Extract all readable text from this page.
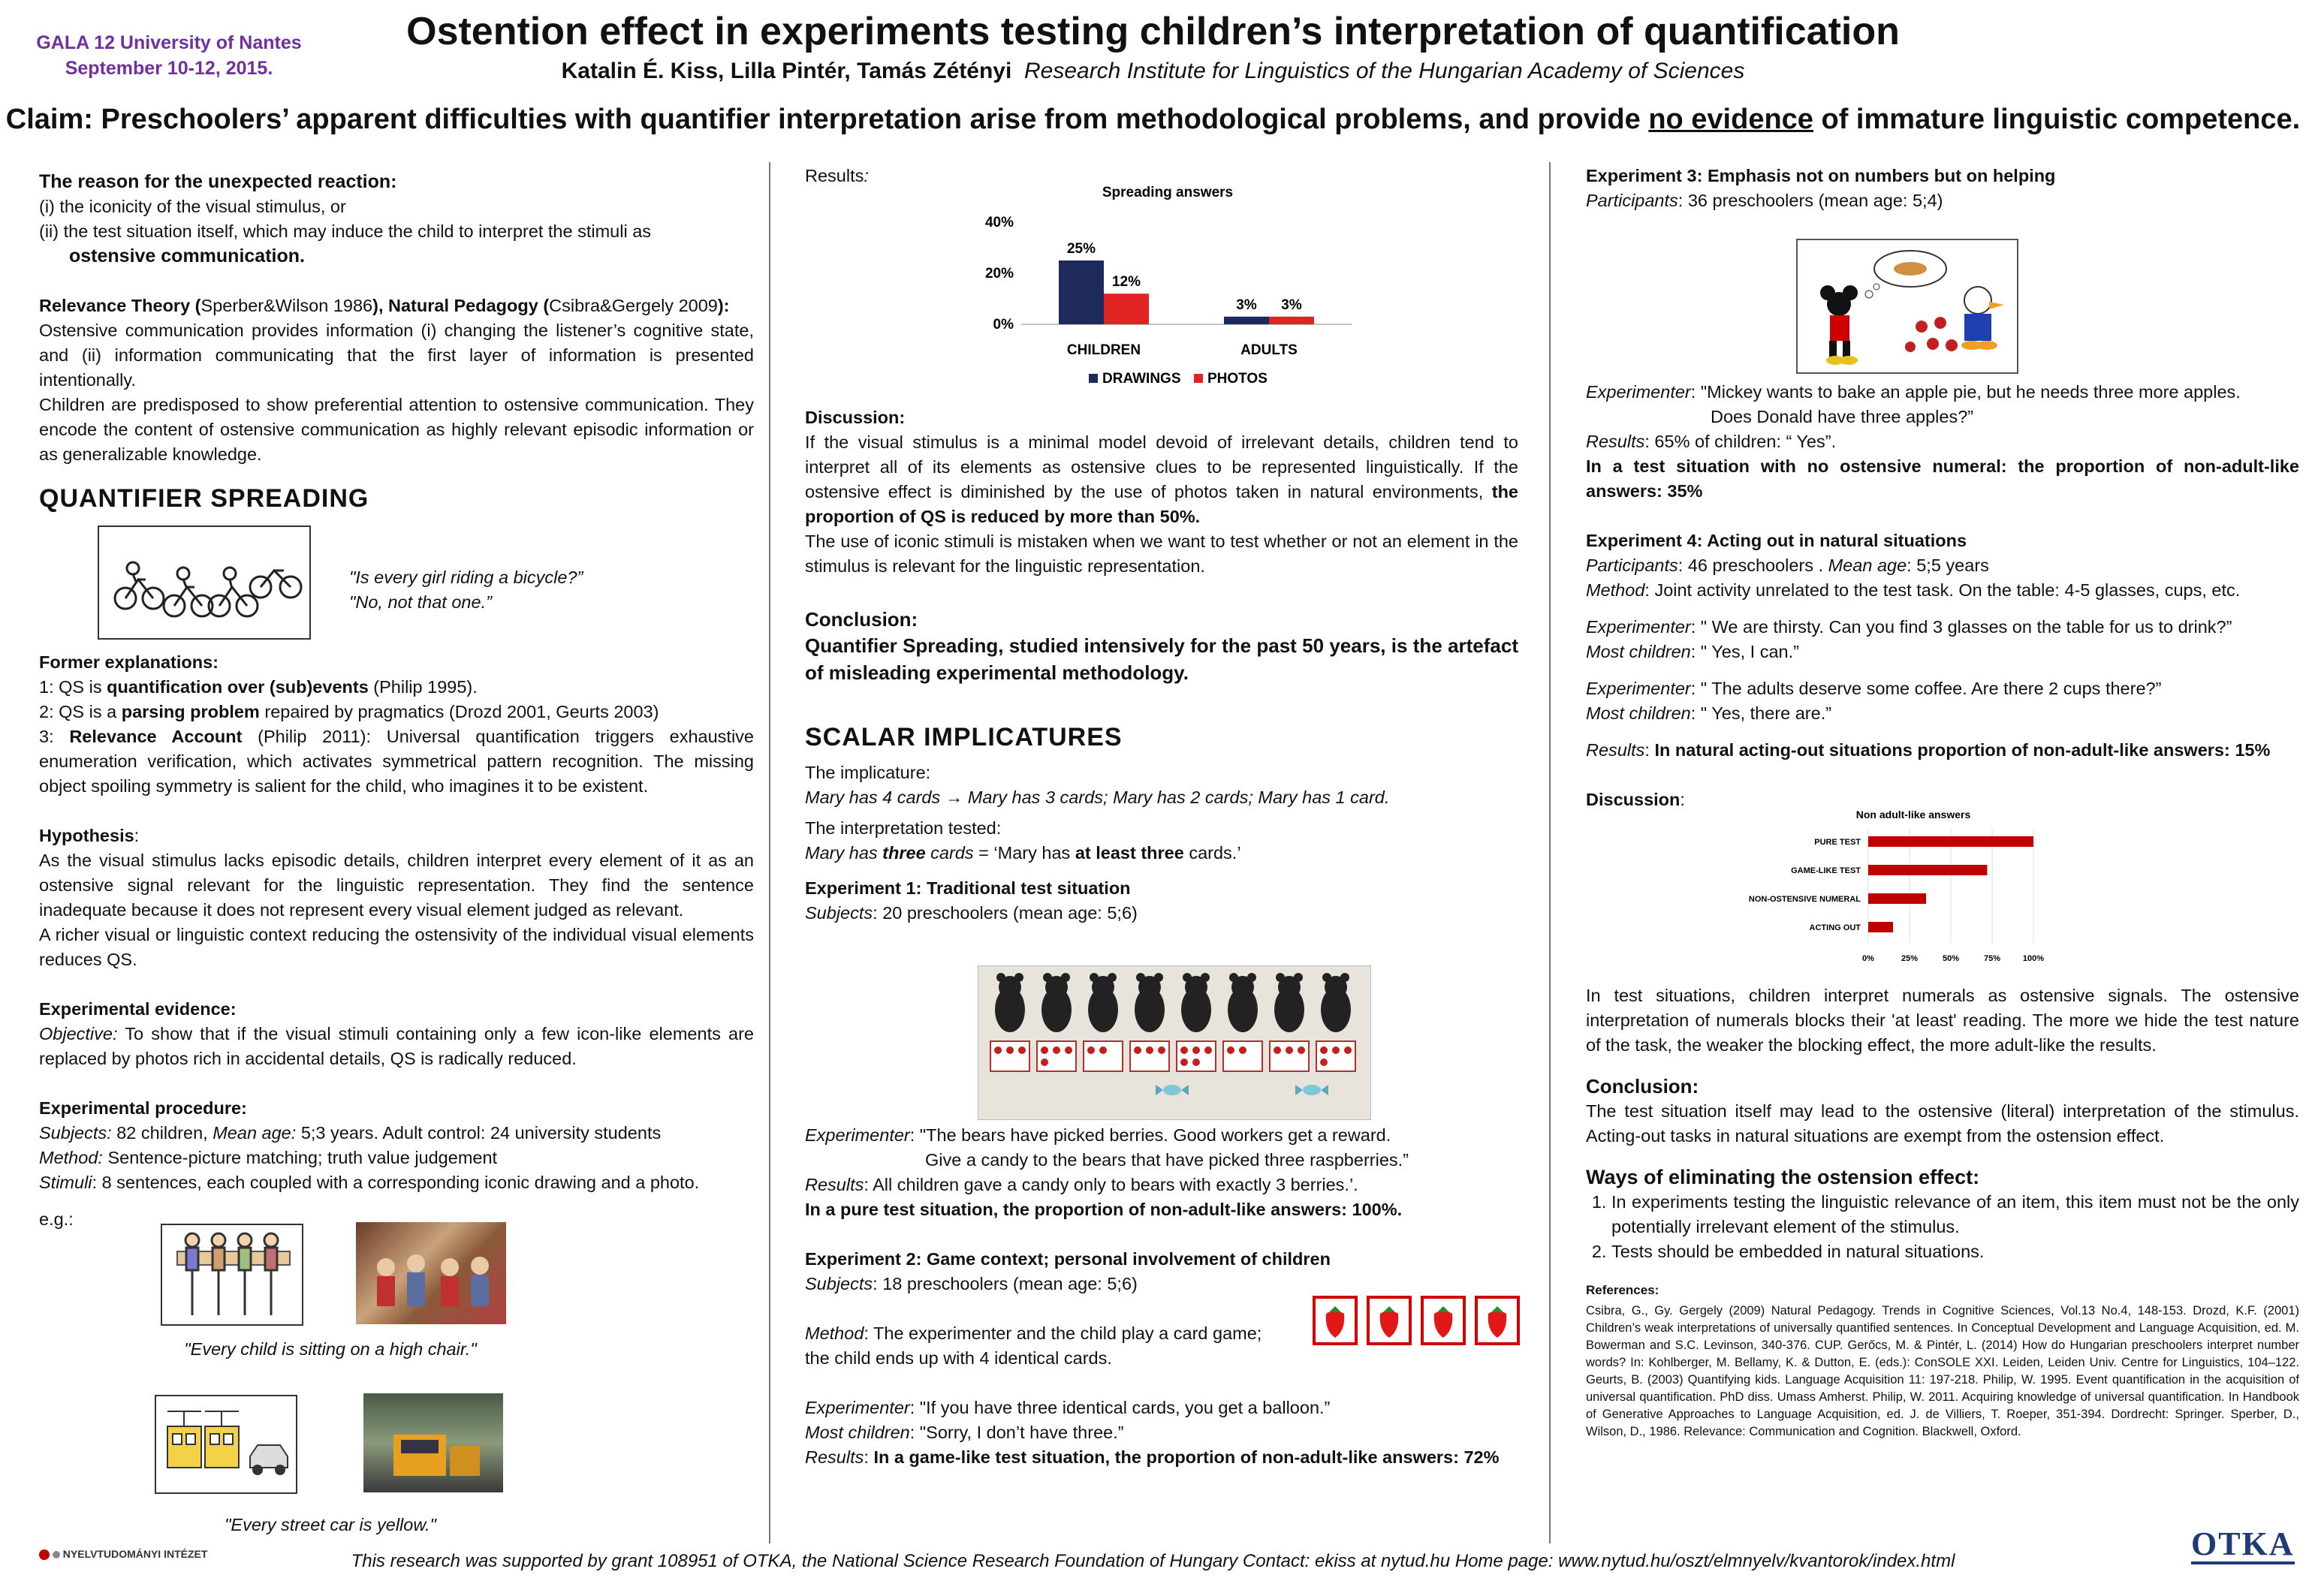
GALA 12 University of Nantes
September 10-12, 2015.
Ostention effect in experiments testing children’s interpretation of quantification
Katalin É. Kiss, Lilla Pintér, Tamás Zétényi Research Institute for Linguistics of the Hungarian Academy of Sciences
Claim: Preschoolers’ apparent difficulties with quantifier interpretation arise from methodological problems, and provide no evidence of immature linguistic competence.

The reason for the unexpected reaction:

(i) the iconicity of the visual stimulus, or

(ii) the test situation itself, which may induce the child to interpret the stimuli as

ostensive communication.

Relevance Theory (Sperber&Wilson 1986), Natural Pedagogy (Csibra&Gergely 2009):

Ostensive communication provides information (i) changing the listener’s cognitive state, and (ii) information communicating that the first layer of information is presented intentionally.

Children are predisposed to show preferential attention to ostensive communication. They encode the content of ostensive communication as highly relevant episodic information or as generalizable knowledge.

QUANTIFIER SPREADING

"Is every girl riding a bicycle?”
"No, not that one.”

Former explanations:

1: QS is quantification over (sub)events (Philip 1995).

2: QS is a parsing problem repaired by pragmatics (Drozd 2001, Geurts 2003)

3: Relevance Account (Philip 2011): Universal quantification triggers exhaustive enumeration verification, which activates symmetrical pattern recognition. The missing object spoiling symmetry is salient for the child, who imagines it to be existent.

Hypothesis:

As the visual stimulus lacks episodic details, children interpret every element of it as an ostensive signal relevant for the linguistic representation. They find the sentence inadequate because it does not represent every visual element judged as relevant.

A richer visual or linguistic context reducing the ostensivity of the individual visual elements reduces QS.

Experimental evidence:

Objective: To show that if the visual stimuli containing only a few icon-like elements are replaced by photos rich in accidental details, QS is radically reduced.

Experimental procedure:

Subjects: 82 children, Mean age: 5;3 years. Adult control: 24 university students

Method: Sentence-picture matching; truth value judgement

Stimuli: 8 sentences, each coupled with a corresponding iconic drawing and a photo.

e.g.:

"Every child is sitting on a high chair."
"Every street car is yellow."

Results:

Spreading answers
0%
20%
40%
25%
12%
3% 3%
CHILDREN	ADULTS
DRAWINGS PHOTOS

Discussion:

If the visual stimulus is a minimal model devoid of irrelevant details, children tend to interpret all of its elements as ostensive clues to be represented linguistically. If the ostensive effect is diminished by the use of photos taken in natural environments, the proportion of QS is reduced by more than 50%.

The use of iconic stimuli is mistaken when we want to test whether or not an element in the stimulus is relevant for the linguistic representation.

Conclusion:

Quantifier Spreading, studied intensively for the past 50 years, is the artefact of misleading experimental methodology.

SCALAR IMPLICATURES

The implicature:

Mary has 4 cards → Mary has 3 cards; Mary has 2 cards; Mary has 1 card.

The interpretation tested:

Mary has three cards = ‘Mary has at least three cards.’

Experiment 1: Traditional test situation

Subjects: 20 preschoolers (mean age: 5;6)

Experimenter: "The bears have picked berries. Good workers get a reward.

Give a candy to the bears that have picked three raspberries.”

Results: All children gave a candy only to bears with exactly 3 berries.’.

In a pure test situation, the proportion of non-adult-like answers: 100%.

Experiment 2: Game context; personal involvement of children

Subjects: 18 preschoolers (mean age: 5;6)

Method: The experimenter and the child play a card game;

the child ends up with 4 identical cards.

Experimenter: "If you have three identical cards, you get a balloon.”

Most children: "Sorry, I don’t have three.”

Results: In a game-like test situation, the proportion of non-adult-like answers: 72%

Experiment 3: Emphasis not on numbers but on helping

Participants: 36 preschoolers (mean age: 5;4)

Experimenter: "Mickey wants to bake an apple pie, but he needs three more apples.

Does Donald have three apples?”

Results: 65% of children: “ Yes”.

In a test situation with no ostensive numeral: the proportion of non-adult-like answers: 35%

Experiment 4: Acting out in natural situations

Participants: 46 preschoolers . Mean age: 5;5 years

Method: Joint activity unrelated to the test task. On the table: 4-5 glasses, cups, etc.

Experimenter: " We are thirsty. Can you find 3 glasses on the table for us to drink?”

Most children: " Yes, I can.”

Experimenter: " The adults deserve some coffee. Are there 2 cups there?”

Most children: " Yes, there are.”

Results: In natural acting-out situations proportion of non-adult-like answers: 15%

Discussion:

Non adult-like answers
PURE TEST
GAME-LIKE TEST
NON-OSTENSIVE NUMERAL
ACTING OUT
0%	25%	50%	75%	100%

In test situations, children interpret numerals as ostensive signals. The ostensive interpretation of numerals blocks their 'at least' reading. The more we hide the test nature of the task, the weaker the blocking effect, the more adult-like the results.

Conclusion:

The test situation itself may lead to the ostensive (literal) interpretation of the stimulus. Acting-out tasks in natural situations are exempt from the ostension effect.

Ways of eliminating the ostension effect:

1. In experiments testing the linguistic relevance of an item, this item must not be the only potentially irrelevant element of the stimulus.
2. Tests should be embedded in natural situations.

References:

Csibra, G., Gy. Gergely (2009) Natural Pedagogy. Trends in Cognitive Sciences, Vol.13 No.4, 148-153. Drozd, K.F. (2001) Children’s weak interpretations of universally quantified sentences. In Conceptual Development and Language Acquisition, ed. M. Bowerman and S.C. Levinson, 340-376. CUP. Gerőcs, M. & Pintér, L. (2014) How do Hungarian preschoolers interpret number words? In: Kohlberger, M. Bellamy, K. & Dutton, E. (eds.): ConSOLE XXI. Leiden, Leiden Univ. Centre for Linguistics, 104–122. Geurts, B. (2003) Quantifying kids. Language Acquisition 11: 197-218. Philip, W. 1995. Event quantification in the acquisition of universal quantification. PhD diss. Umass Amherst. Philip, W. 2011. Acquiring knowledge of universal quantification. In Handbook of Generative Approaches to Language Acquisition, ed. J. de Villiers, T. Roeper, 351-394. Dordrecht: Springer. Sperber, D., Wilson, D., 1986. Relevance: Communication and Cognition. Blackwell, Oxford.

NYELVTUDOMÁNYI INTÉZET	This research was supported by grant 108951 of OTKA, the National Science Research Foundation of Hungary Contact: ekiss at nytud.hu Home page: www.nytud.hu/oszt/elmnyelv/kvantorok/index.html	OTKA
